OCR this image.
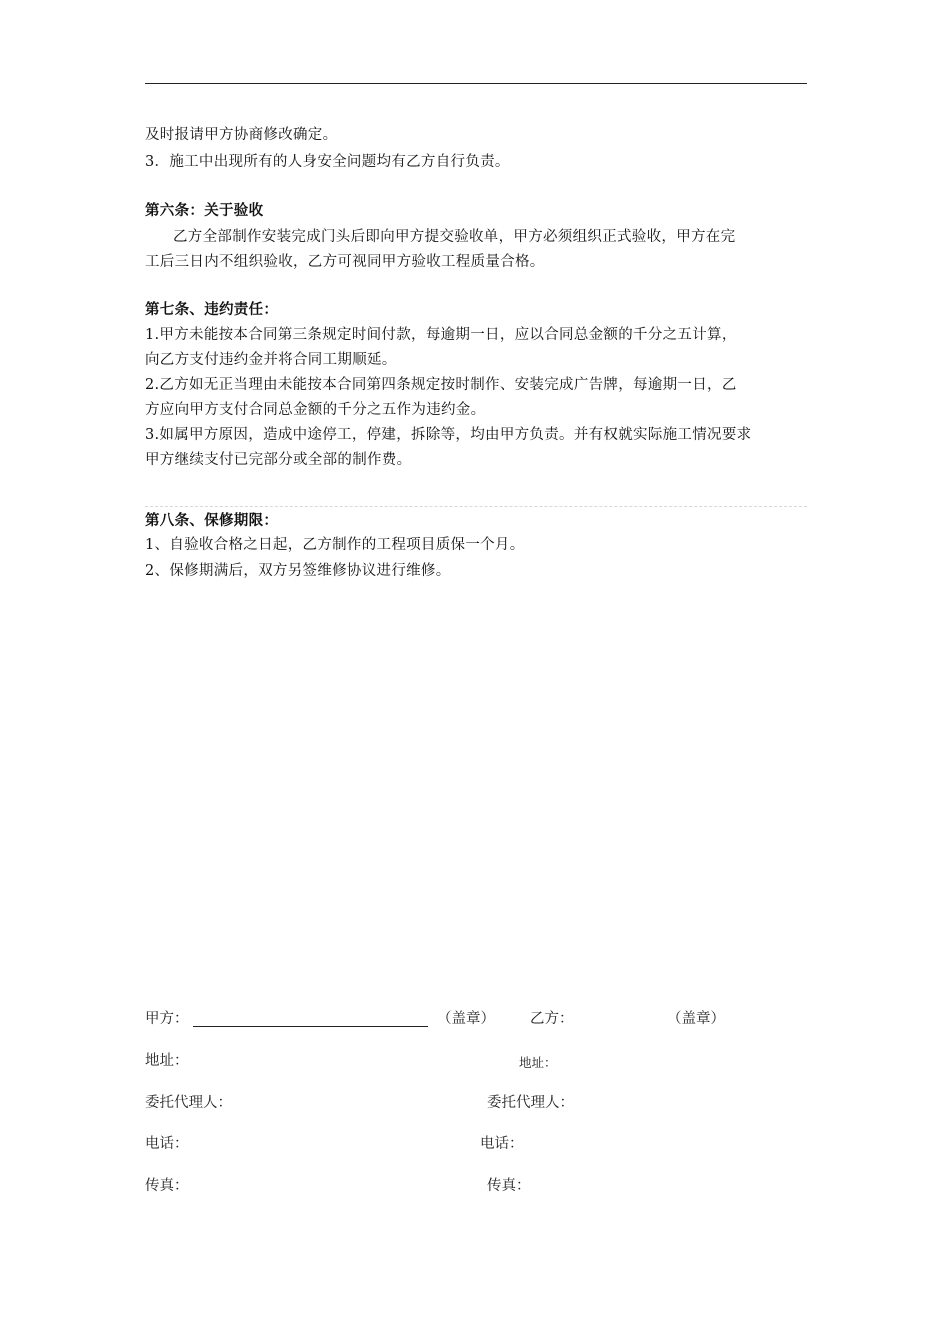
及时报请甲方协商修改确定。
3．施工中出现所有的人身安全问题均有乙方自行负责。
第六条：关于验收
乙方全部制作安装完成门头后即向甲方提交验收单，甲方必须组织正式验收，甲方在完
工后三日内不组织验收，乙方可视同甲方验收工程质量合格。
第七条、违约责任：
1.甲方未能按本合同第三条规定时间付款，每逾期一日，应以合同总金额的千分之五计算，
向乙方支付违约金并将合同工期顺延。
2.乙方如无正当理由未能按本合同第四条规定按时制作、安装完成广告牌，每逾期一日，乙
方应向甲方支付合同总金额的千分之五作为违约金。
3.如属甲方原因，造成中途停工，停建，拆除等，均由甲方负责。并有权就实际施工情况要求
甲方继续支付已完部分或全部的制作费。
第八条、保修期限：
1、自验收合格之日起，乙方制作的工程项目质保一个月。
2、保修期满后，双方另签维修协议进行维修。
甲方：	（盖章） 乙方：	（盖章）
地址：	地址：
委托代理人：	委托代理人：
电话：	电话：
传真：	传真：
